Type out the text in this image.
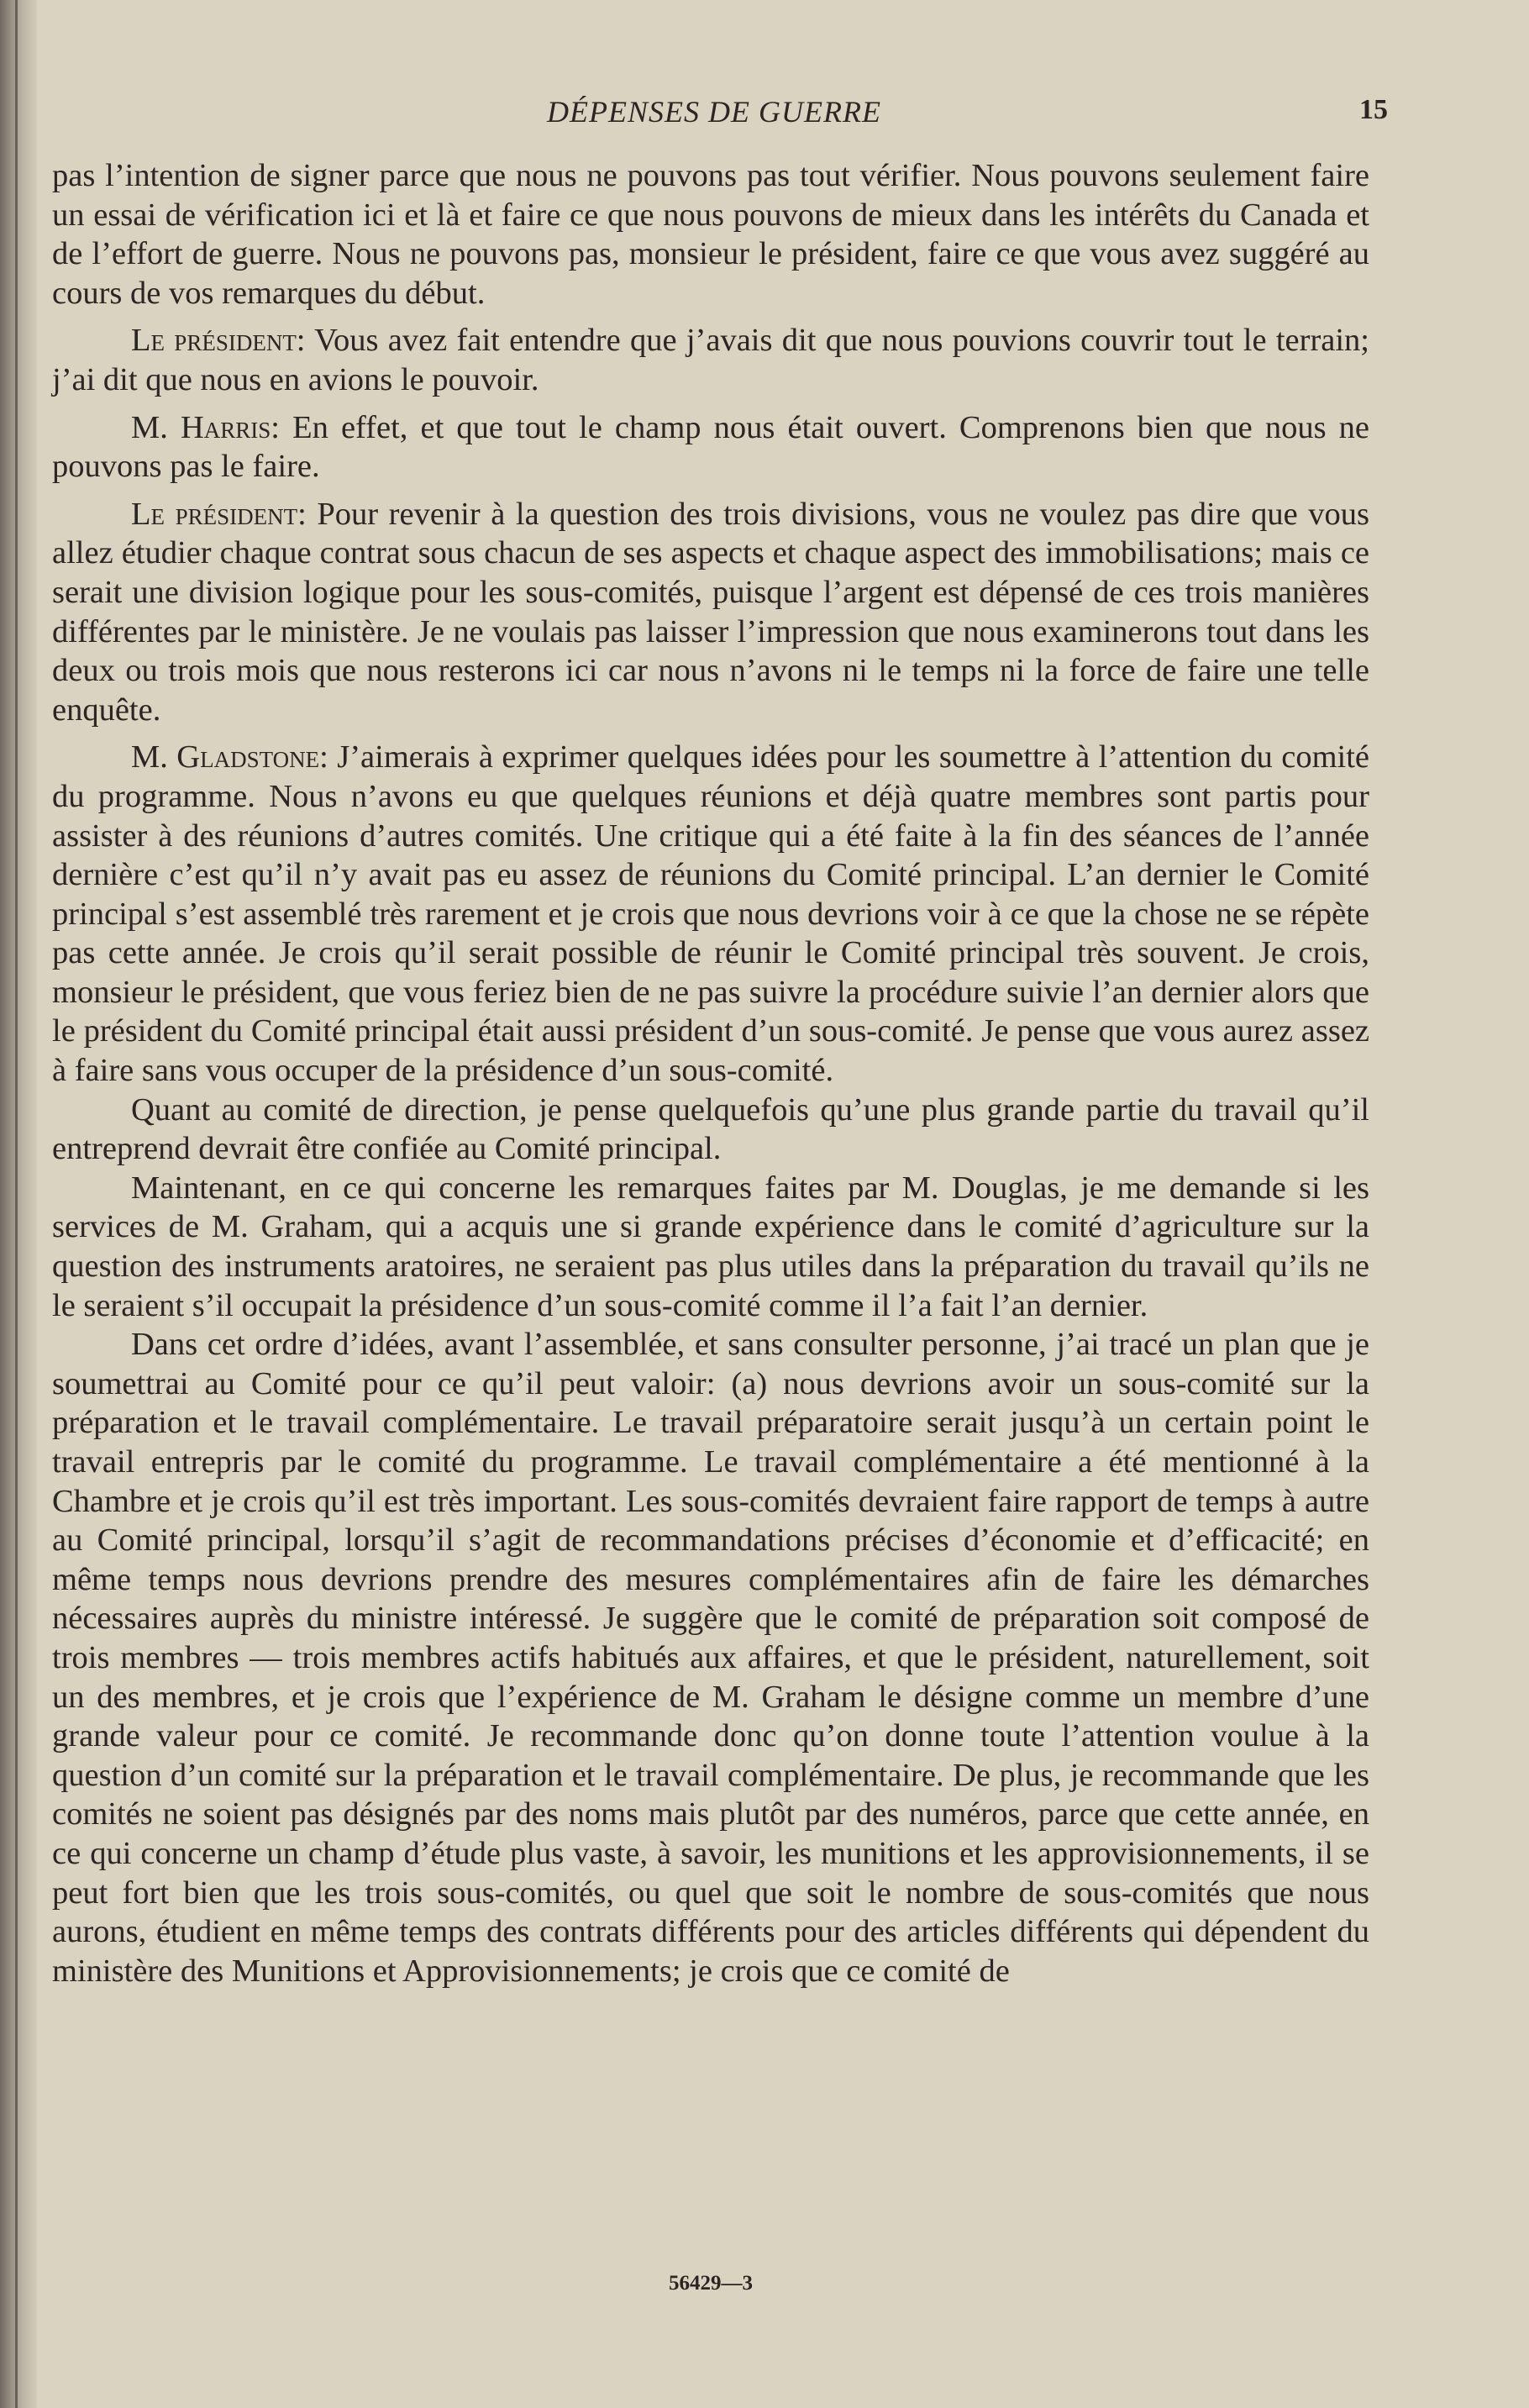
DÉPENSES DE GUERRE	15

pas l’intention de signer parce que nous ne pouvons pas tout vérifier. Nous pouvons seulement faire un essai de vérification ici et là et faire ce que nous pouvons de mieux dans les intérêts du Canada et de l’effort de guerre. Nous ne pouvons pas, monsieur le président, faire ce que vous avez suggéré au cours de vos remarques du début.

Le président: Vous avez fait entendre que j’avais dit que nous pouvions couvrir tout le terrain; j’ai dit que nous en avions le pouvoir.

M. Harris: En effet, et que tout le champ nous était ouvert. Comprenons bien que nous ne pouvons pas le faire.

Le président: Pour revenir à la question des trois divisions, vous ne voulez pas dire que vous allez étudier chaque contrat sous chacun de ses aspects et chaque aspect des immobilisations; mais ce serait une division logique pour les sous-comités, puisque l’argent est dépensé de ces trois manières différentes par le ministère. Je ne voulais pas laisser l’impression que nous examinerons tout dans les deux ou trois mois que nous resterons ici car nous n’avons ni le temps ni la force de faire une telle enquête.

M. Gladstone: J’aimerais à exprimer quelques idées pour les soumettre à l’attention du comité du programme. Nous n’avons eu que quelques réunions et déjà quatre membres sont partis pour assister à des réunions d’autres comités. Une critique qui a été faite à la fin des séances de l’année dernière c’est qu’il n’y avait pas eu assez de réunions du Comité principal. L’an dernier le Comité principal s’est assemblé très rarement et je crois que nous devrions voir à ce que la chose ne se répète pas cette année. Je crois qu’il serait possible de réunir le Comité principal très souvent. Je crois, monsieur le président, que vous feriez bien de ne pas suivre la procédure suivie l’an dernier alors que le président du Comité principal était aussi président d’un sous-comité. Je pense que vous aurez assez à faire sans vous occuper de la présidence d’un sous-comité.

Quant au comité de direction, je pense quelquefois qu’une plus grande partie du travail qu’il entreprend devrait être confiée au Comité principal.

Maintenant, en ce qui concerne les remarques faites par M. Douglas, je me demande si les services de M. Graham, qui a acquis une si grande expérience dans le comité d’agriculture sur la question des instruments aratoires, ne seraient pas plus utiles dans la préparation du travail qu’ils ne le seraient s’il occupait la présidence d’un sous-comité comme il l’a fait l’an dernier.

Dans cet ordre d’idées, avant l’assemblée, et sans consulter personne, j’ai tracé un plan que je soumettrai au Comité pour ce qu’il peut valoir: (a) nous devrions avoir un sous-comité sur la préparation et le travail complémentaire. Le travail préparatoire serait jusqu’à un certain point le travail entrepris par le comité du programme. Le travail complémentaire a été mentionné à la Chambre et je crois qu’il est très important. Les sous-comités devraient faire rapport de temps à autre au Comité principal, lorsqu’il s’agit de recommandations précises d’économie et d’efficacité; en même temps nous devrions prendre des mesures complémentaires afin de faire les démarches nécessaires auprès du ministre intéressé. Je suggère que le comité de préparation soit composé de trois membres — trois membres actifs habitués aux affaires, et que le président, naturellement, soit un des membres, et je crois que l’expérience de M. Graham le désigne comme un membre d’une grande valeur pour ce comité. Je recommande donc qu’on donne toute l’attention voulue à la question d’un comité sur la préparation et le travail complémentaire. De plus, je recommande que les comités ne soient pas désignés par des noms mais plutôt par des numéros, parce que cette année, en ce qui concerne un champ d’étude plus vaste, à savoir, les munitions et les approvisionnements, il se peut fort bien que les trois sous-comités, ou quel que soit le nombre de sous-comités que nous aurons, étudient en même temps des contrats différents pour des articles différents qui dépendent du ministère des Munitions et Approvisionnements; je crois que ce comité de

56429—3
